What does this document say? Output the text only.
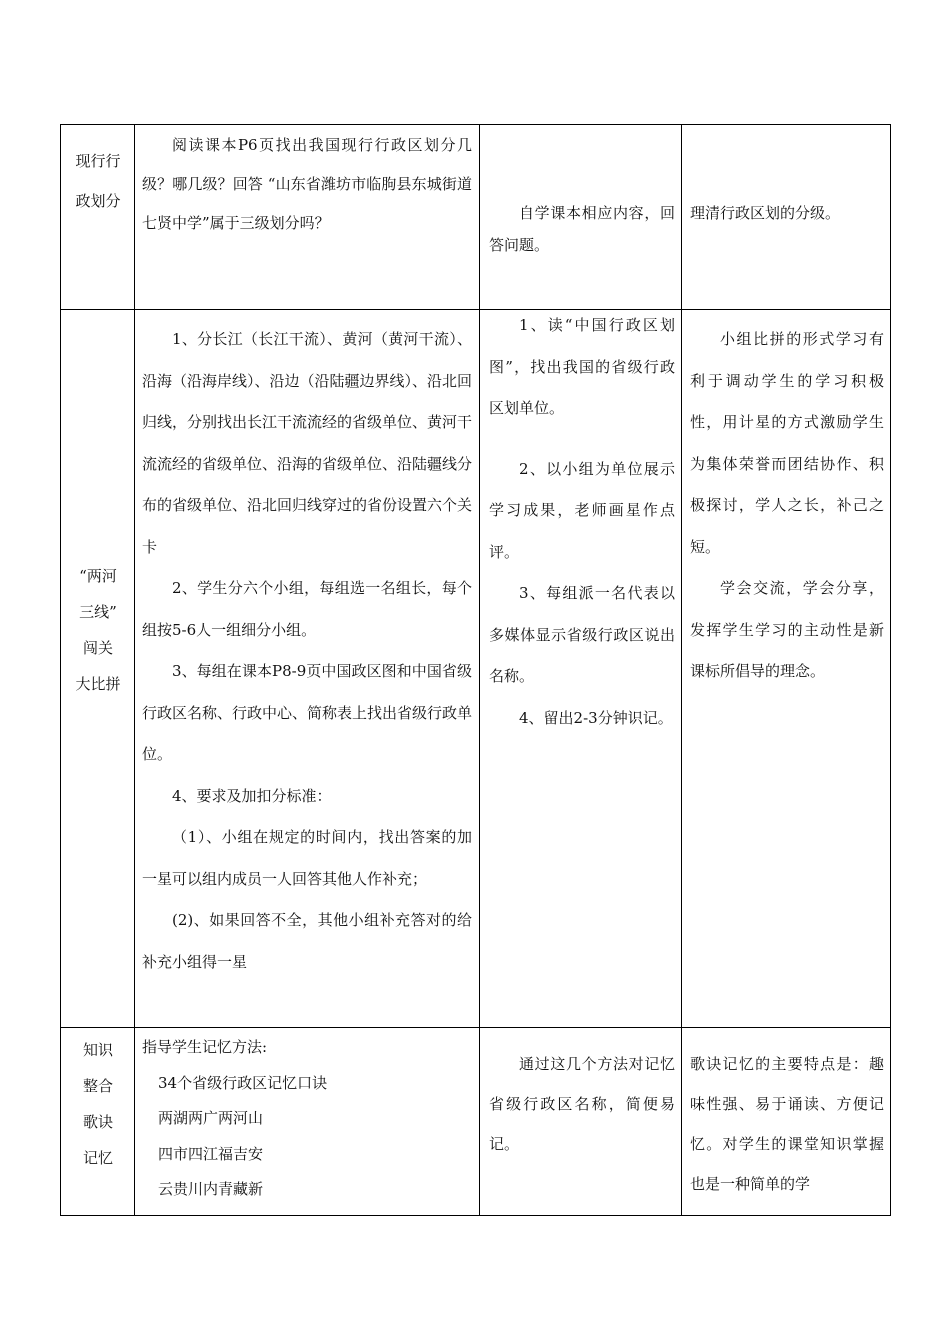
现行行

政划分

阅读课本P6页找出我国现行行政区划分几级？哪几级？回答 “山东省潍坊市临朐县东城街道七贤中学”属于三级划分吗？

自学课本相应内容，回答问题。

理清行政区划的分级。

“两河

三线”

闯关

大比拼

1、分长江（长江干流）、黄河（黄河干流）、沿海（沿海岸线）、沿边（沿陆疆边界线）、沿北回归线，分别找出长江干流流经的省级单位、黄河干流流经的省级单位、沿海的省级单位、沿陆疆线分布的省级单位、沿北回归线穿过的省份设置六个关卡

2、学生分六个小组，每组选一名组长，每个组按5-6人一组细分小组。

3、每组在课本P8-9页中国政区图和中国省级行政区名称、行政中心、简称表上找出省级行政单位。

4、要求及加扣分标准：

（1）、小组在规定的时间内，找出答案的加一星可以组内成员一人回答其他人作补充；

(2)、如果回答不全，其他小组补充答对的给补充小组得一星

1、读“中国行政区划图”，找出我国的省级行政区划单位。

2、以小组为单位展示学习成果，老师画星作点评。

3、每组派一名代表以多媒体显示省级行政区说出名称。

4、留出2-3分钟识记。

小组比拼的形式学习有利于调动学生的学习积极性，用计星的方式激励学生为集体荣誉而团结协作、积极探讨，学人之长，补己之短。

学会交流，学会分享，发挥学生学习的主动性是新课标所倡导的理念。

知识

整合

歌诀

记忆

指导学生记忆方法:

34个省级行政区记忆口诀

两湖两广两河山

四市四江福吉安

云贵川内青藏新

通过这几个方法对记忆省级行政区名称，简便易记。

歌诀记忆的主要特点是：趣味性强、易于诵读、方便记忆。对学生的课堂知识掌握也是一种简单的学
